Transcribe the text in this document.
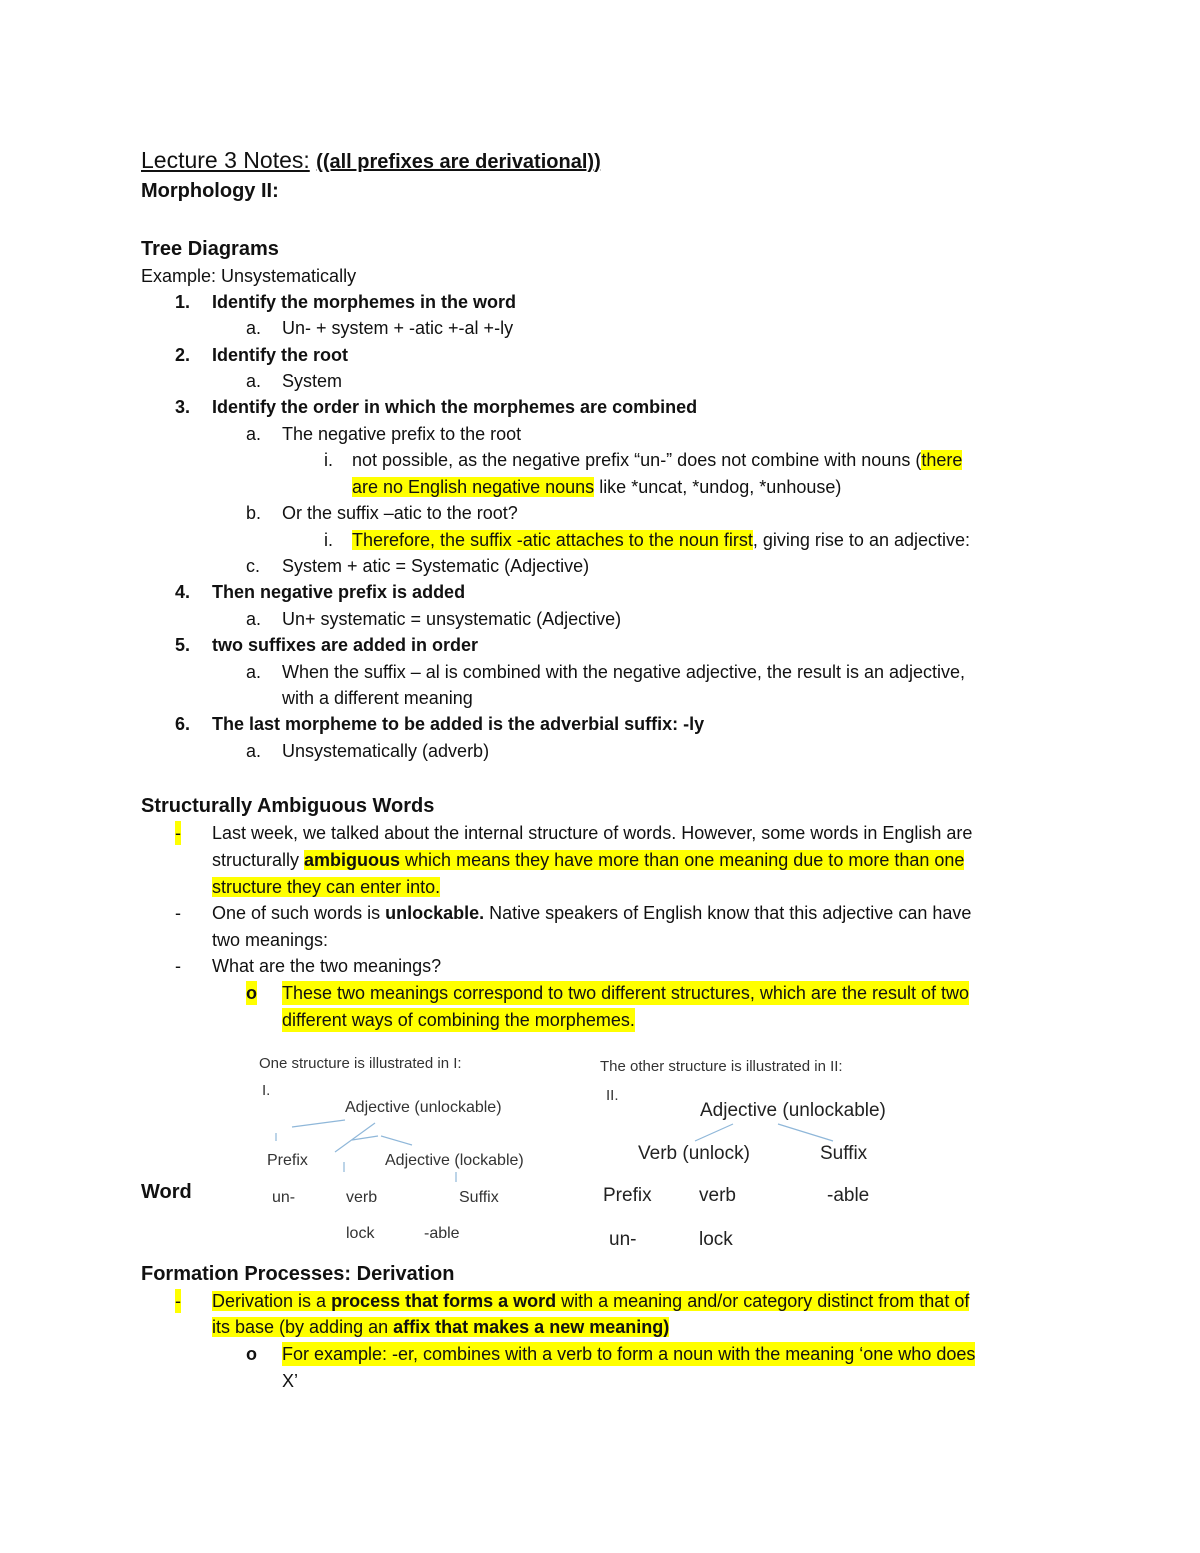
Lecture 3 Notes: ((all prefixes are derivational))
Morphology II:
Tree Diagrams
Example: Unsystematically
1. Identify the morphemes in the word
a. Un- + system + -atic +-al +-ly
2. Identify the root
a. System
3. Identify the order in which the morphemes are combined
a. The negative prefix to the root
i. not possible, as the negative prefix “un-” does not combine with nouns (there
are no English negative nouns like *uncat, *undog, *unhouse)
b. Or the suffix –atic to the root?
i. Therefore, the suffix -atic attaches to the noun first, giving rise to an adjective:
c. System + atic = Systematic (Adjective)
4. Then negative prefix is added
a. Un+ systematic = unsystematic (Adjective)
5. two suffixes are added in order
a. When the suffix – al is combined with the negative adjective, the result is an adjective,
with a different meaning
6. The last morpheme to be added is the adverbial suffix: -ly
a. Unsystematically (adverb)
Structurally Ambiguous Words
- Last week, we talked about the internal structure of words. However, some words in English are
structurally ambiguous which means they have more than one meaning due to more than one
structure they can enter into.
- One of such words is unlockable. Native speakers of English know that this adjective can have
two meanings:
- What are the two meanings?
o These two meanings correspond to two different structures, which are the result of two
different ways of combining the morphemes.
One structure is illustrated in I:
I.
Adjective (unlockable)
Prefix	Adjective (lockable)
Word	un-	verb	Suffix
lock	-able
The other structure is illustrated in II:
II.
Adjective (unlockable)
Verb (unlock)	Suffix
Prefix verb	-able
un-	lock
Formation Processes: Derivation
- Derivation is a process that forms a word with a meaning and/or category distinct from that of
its base (by adding an affix that makes a new meaning)
o For example: -er, combines with a verb to form a noun with the meaning ‘one who does
X’
